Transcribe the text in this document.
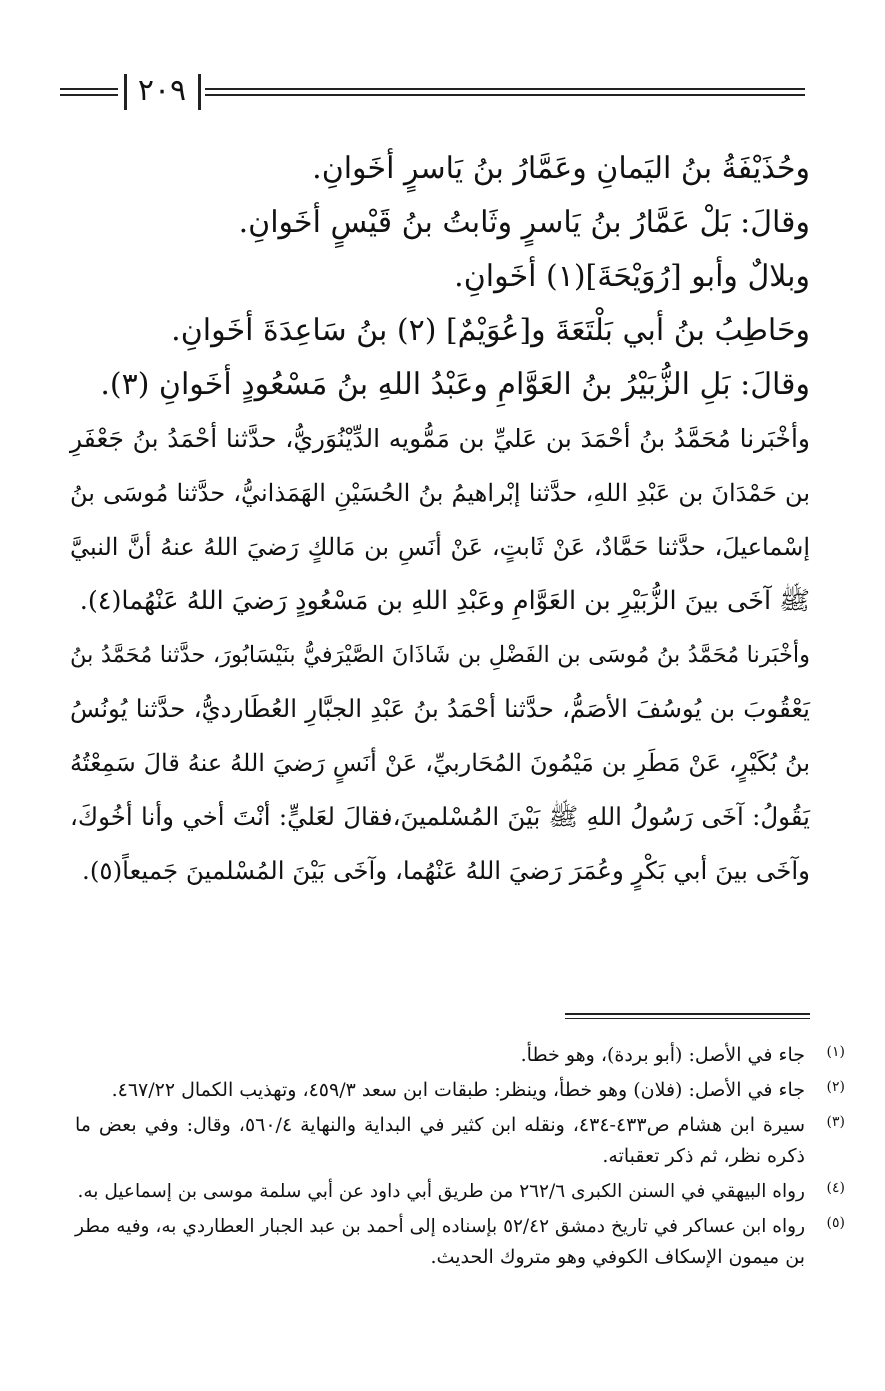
٢٠٩
وحُذَيْفَةُ بنُ اليَمانِ وعَمَّارُ بنُ يَاسرٍ أخَوانِ.
وقالَ: بَلْ عَمَّارُ بنُ يَاسرٍ وثَابتُ بنُ قَيْسٍ أخَوانِ.
وبلالٌ وأبو [رُوَيْحَةَ](١) أخَوانِ.
وحَاطِبُ بنُ أبي بَلْتَعَةَ و[عُوَيْمٌ] (٢) بنُ سَاعِدَةَ أخَوانِ.
وقالَ: بَلِ الزُّبَيْرُ بنُ العَوَّامِ وعَبْدُ اللهِ بنُ مَسْعُودٍ أخَوانِ (٣).
وأخْبَرنا مُحَمَّدُ بنُ أحْمَدَ بن عَليِّ بن مَمُّويه الدِّيْنُوَريُّ، حدَّثنا أحْمَدُ بنُ جَعْفَرِ
بن حَمْدَانَ بن عَبْدِ اللهِ، حدَّثنا إبْراهيمُ بنُ الحُسَيْنِ الهَمَذانيُّ، حدَّثنا مُوسَى بنُ
إسْماعيلَ، حدَّثنا حَمَّادٌ، عَنْ ثَابتٍ، عَنْ أنَسِ بن مَالكٍ رَضيَ اللهُ عنهُ أنَّ النبيَّ
ﷺ آخَى بينَ الزُّبَيْرِ بن العَوَّامِ وعَبْدِ اللهِ بن مَسْعُودٍ رَضيَ اللهُ عَنْهُما(٤).
وأخْبَرنا مُحَمَّدُ بنُ مُوسَى بن الفَضْلِ بن شَاذَانَ الصَّيْرَفيُّ بنَيْسَابُورَ، حدَّثنا مُحَمَّدُ بنُ
يَعْقُوبَ بن يُوسُفَ الأصَمُّ، حدَّثنا أحْمَدُ بنُ عَبْدِ الجبَّارِ العُطَارديُّ، حدَّثنا يُونُسُ
بنُ بُكَيْرٍ، عَنْ مَطَرِ بن مَيْمُونَ المُحَاربيِّ، عَنْ أنَسٍ رَضيَ اللهُ عنهُ قالَ سَمِعْتُهُ
يَقُولُ: آخَى رَسُولُ اللهِ ﷺ بَيْنَ المُسْلمينَ،فقالَ لعَليٍّ: أنْتَ أخي وأنا أخُوكَ،
وآخَى بينَ أبي بَكْرٍ وعُمَرَ رَضيَ اللهُ عَنْهُما، وآخَى بَيْنَ المُسْلمينَ جَميعاً(٥).
(١)
جاء في الأصل: (أبو بردة)، وهو خطأ.
(٢)
جاء في الأصل: (فلان) وهو خطأ، وينظر: طبقات ابن سعد ٤٥٩/٣، وتهذيب الكمال ٤٦٧/٢٢.
(٣)
سيرة ابن هشام ص٤٣٣-٤٣٤، ونقله ابن كثير في البداية والنهاية ٥٦٠/٤، وقال: وفي بعض ما
ذكره نظر، ثم ذكر تعقباته.
(٤)
رواه البيهقي في السنن الكبرى ٢٦٢/٦ من طريق أبي داود عن أبي سلمة موسى بن إسماعيل به.
(٥)
رواه ابن عساكر في تاريخ دمشق ٥٢/٤٢ بإسناده إلى أحمد بن عبد الجبار العطاردي به، وفيه مطر
بن ميمون الإسكاف الكوفي وهو متروك الحديث.
